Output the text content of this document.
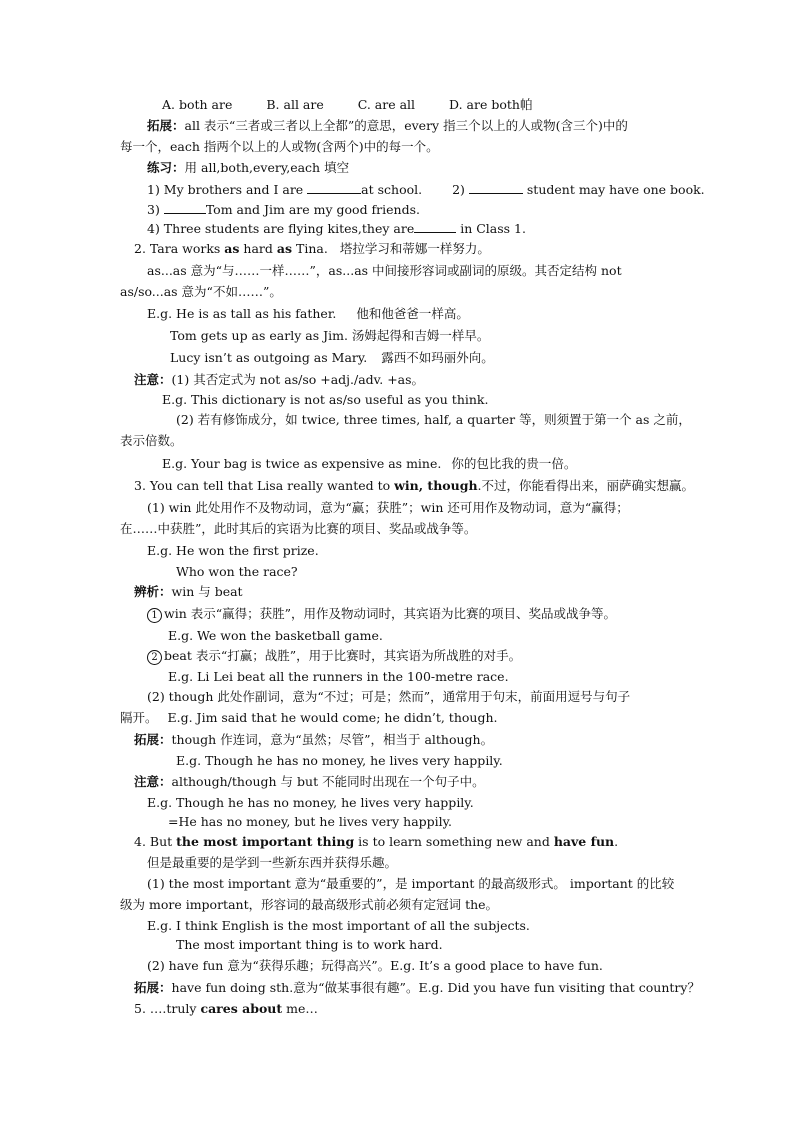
A. both are	B. all are	C. are all	D. are both帕
拓展：all 表示“三者或三者以上全都”的意思，every 指三个以上的人或物(含三个)中的
每一个，each 指两个以上的人或物(含两个)中的每一个。
练习：用 all,both,every,each 填空
1) My brothers and I are	at school. 2)	student may have one book.
3)	Tom and Jim are my good friends.
4) Three students are flying kites,they are	in Class 1.
2. Tara works as hard as Tina. 塔拉学习和蒂娜一样努力。
as...as 意为“与……一样……”，as...as 中间接形容词或副词的原级。其否定结构 not
as/so...as 意为“不如……”。
E.g. He is as tall as his father. 他和他爸爸一样高。
Tom gets up as early as Jim. 汤姆起得和吉姆一样早。
Lucy isn’t as outgoing as Mary. 露西不如玛丽外向。
注意：(1) 其否定式为 not as/so +adj./adv. +as。
E.g. This dictionary is not as/so useful as you think.
(2) 若有修饰成分，如 twice, three times, half, a quarter 等，则须置于第一个 as 之前，
表示倍数。
E.g. Your bag is twice as expensive as mine. 你的包比我的贵一倍。
3. You can tell that Lisa really wanted to win, though.不过，你能看得出来，丽萨确实想赢。
(1) win 此处用作不及物动词，意为“赢；获胜”；win 还可用作及物动词，意为“赢得；
在……中获胜”，此时其后的宾语为比赛的项目、奖品或战争等。
E.g. He won the first prize.
Who won the race?
辨析：win 与 beat
1 win 表示“赢得；获胜”，用作及物动词时，其宾语为比赛的项目、奖品或战争等。
E.g. We won the basketball game.
2 beat 表示“打赢；战胜”，用于比赛时，其宾语为所战胜的对手。
E.g. Li Lei beat all the runners in the 100-metre race.
(2) though 此处作副词，意为“不过；可是；然而”，通常用于句末，前面用逗号与句子
隔开。 E.g. Jim said that he would come; he didn’t, though.
拓展：though 作连词，意为“虽然；尽管”，相当于 although。
E.g. Though he has no money, he lives very happily.
注意：although/though 与 but 不能同时出现在一个句子中。
E.g. Though he has no money, he lives very happily.
=He has no money, but he lives very happily.
4. But the most important thing is to learn something new and have fun.
但是最重要的是学到一些新东西并获得乐趣。
(1) the most important 意为“最重要的”，是 important 的最高级形式。 important 的比较
级为 more important，形容词的最高级形式前必须有定冠词 the。
E.g. I think English is the most important of all the subjects.
The most important thing is to work hard.
(2) have fun 意为“获得乐趣；玩得高兴”。E.g. It’s a good place to have fun.
拓展：have fun doing sth.意为“做某事很有趣”。E.g. Did you have fun visiting that country？
5. ….truly cares about me…
